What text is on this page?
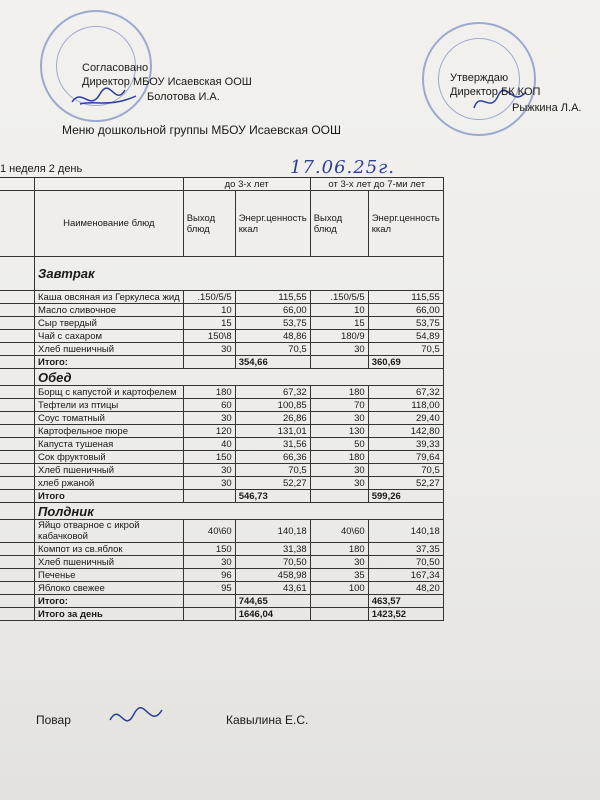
Согласовано
Директор МБОУ Исаевская ООШ
Болотова И.А.
Утверждаю
Директор БК КОП
Рыжкина Л.А.
Меню дошкольной группы МБОУ Исаевская ООШ
1 неделя 2 день	17.06.25г.
		до 3-х лет		от 3-х лет до 7-ми лет	
	Наименование блюд	Выход блюд	Энерг.ценность ккал	Выход блюд	Энерг.ценность ккал
	Завтрак				
	Каша овсяная из Геркулеса жид	.150/5/5	115,55	.150/5/5	115,55
	Масло сливочное	10	66,00	10	66,00
	Сыр твердый	15	53,75	15	53,75
	Чай с сахаром	150\8	48,86	180/9	54,89
	Хлеб пшеничный	30	70,5	30	70,5
	Итого:		354,66		360,69
	Обед				
	Борщ с капустой и картофелем	180	67,32	180	67,32
	Тефтели из птицы	60	100,85	70	118,00
	Соус томатный	30	26,86	30	29,40
	Картофельное пюре	120	131,01	130	142,80
	Капуста тушеная	40	31,56	50	39,33
	Сок фруктовый	150	66,36	180	79,64
	Хлеб пшеничный	30	70,5	30	70,5
	хлеб ржаной	30	52,27	30	52,27
	Итого		546,73		599,26
	Полдник				
	Яйцо отварное с икрой кабачковой	40\60	140,18	40\60	140,18
	Компот из св.яблок	150	31,38	180	37,35
	Хлеб пшеничный	30	70,50	30	70,50
	Печенье	96	458,98	35	167,34
	Яблоко свежее	95	43,61	100	48,20
	Итого:		744,65		463,57
	Итого за день		1646,04		1423,52
Повар	Кавылина Е.С.
